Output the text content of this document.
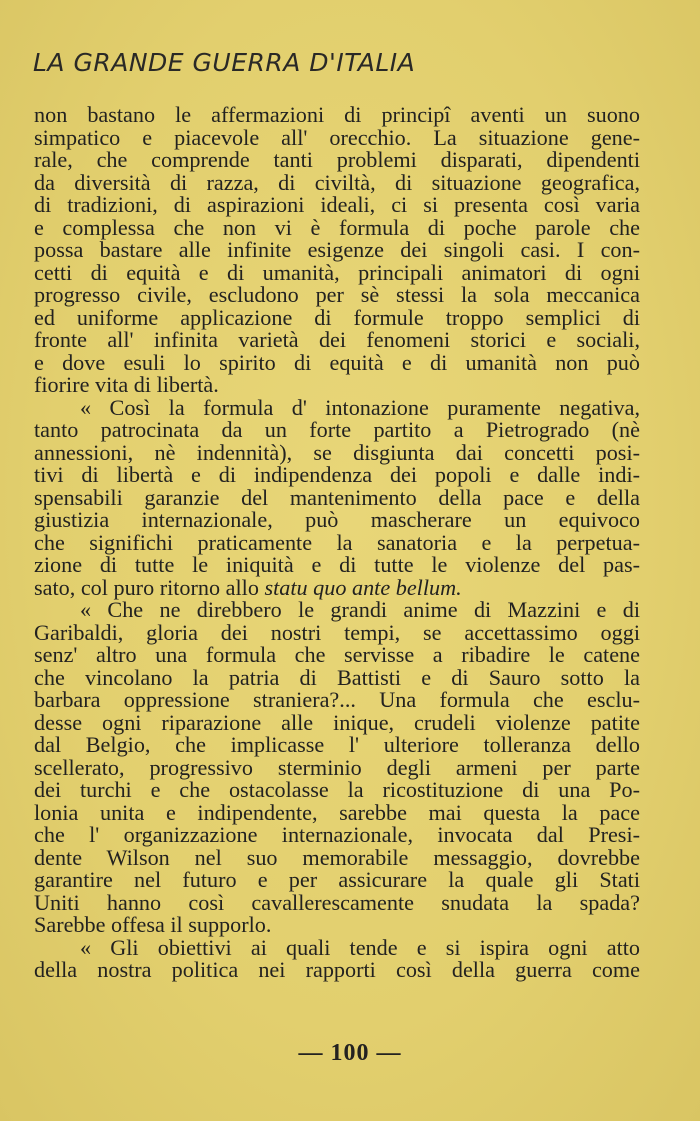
LA GRANDE GUERRA D'ITALIA
non bastano le affermazioni di principî aventi un suono
simpatico e piacevole all' orecchio. La situazione gene-
rale, che comprende tanti problemi disparati, dipendenti
da diversità di razza, di civiltà, di situazione geografica,
di tradizioni, di aspirazioni ideali, ci si presenta così varia
e complessa che non vi è formula di poche parole che
possa bastare alle infinite esigenze dei singoli casi. I con-
cetti di equità e di umanità, principali animatori di ogni
progresso civile, escludono per sè stessi la sola meccanica
ed uniforme applicazione di formule troppo semplici di
fronte all' infinita varietà dei fenomeni storici e sociali,
e dove esuli lo spirito di equità e di umanità non può
fiorire vita di libertà.
« Così la formula d' intonazione puramente negativa,
tanto patrocinata da un forte partito a Pietrogrado (nè
annessioni, nè indennità), se disgiunta dai concetti posi-
tivi di libertà e di indipendenza dei popoli e dalle indi-
spensabili garanzie del mantenimento della pace e della
giustizia internazionale, può mascherare un equivoco
che significhi praticamente la sanatoria e la perpetua-
zione di tutte le iniquità e di tutte le violenze del pas-
sato, col puro ritorno allo statu quo ante bellum.
« Che ne direbbero le grandi anime di Mazzini e di
Garibaldi, gloria dei nostri tempi, se accettassimo oggi
senz' altro una formula che servisse a ribadire le catene
che vincolano la patria di Battisti e di Sauro sotto la
barbara oppressione straniera?... Una formula che esclu-
desse ogni riparazione alle inique, crudeli violenze patite
dal Belgio, che implicasse l' ulteriore tolleranza dello
scellerato, progressivo sterminio degli armeni per parte
dei turchi e che ostacolasse la ricostituzione di una Po-
lonia unita e indipendente, sarebbe mai questa la pace
che l' organizzazione internazionale, invocata dal Presi-
dente Wilson nel suo memorabile messaggio, dovrebbe
garantire nel futuro e per assicurare la quale gli Stati
Uniti hanno così cavallerescamente snudata la spada?
Sarebbe offesa il supporlo.
« Gli obiettivi ai quali tende e si ispira ogni atto
della nostra politica nei rapporti così della guerra come
— 100 —
